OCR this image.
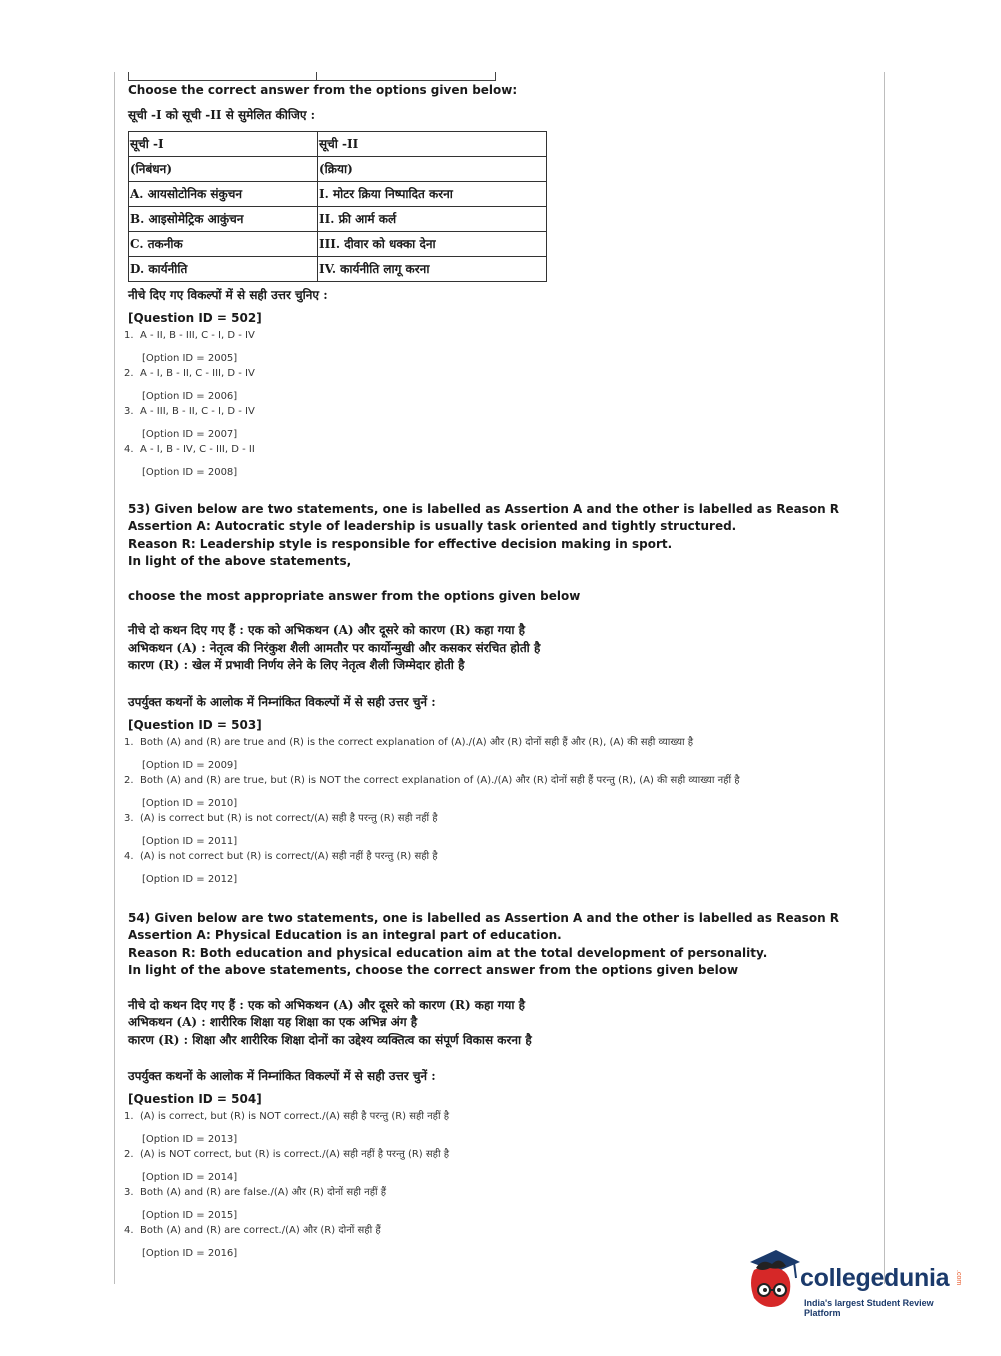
Choose the correct answer from the options given below:

सूची -I को सूची -II से सुमेलित कीजिए :

सूची -I	सूची -II
(निबंधन)	(क्रिया)
A. आयसोटोनिक संकुचन	I. मोटर क्रिया निष्पादित करना
B. आइसोमेट्रिक आकुंचन	II. फ्री आर्म कर्ल
C. तकनीक	III. दीवार को धक्का देना
D. कार्यनीति	IV. कार्यनीति लागू करना

नीचे दिए गए विकल्पों में से सही उत्तर चुनिए :

[Question ID = 502]
1. A - II, B - III, C - I, D - IV
[Option ID = 2005]
2. A - I, B - II, C - III, D - IV
[Option ID = 2006]
3. A - III, B - II, C - I, D - IV
[Option ID = 2007]
4. A - I, B - IV, C - III, D - II
[Option ID = 2008]

53) Given below are two statements, one is labelled as Assertion A and the other is labelled as Reason R

Assertion A: Autocratic style of leadership is usually task oriented and tightly structured.

Reason R: Leadership style is responsible for effective decision making in sport.

In light of the above statements,

choose the most appropriate answer from the options given below

नीचे दो कथन दिए गए हैं : एक को अभिकथन (A) और दूसरे को कारण (R) कहा गया है

अभिकथन (A) : नेतृत्व की निरंकुश शैली आमतौर पर कार्योन्मुखी और कसकर संरचित होती है

कारण (R) : खेल में प्रभावी निर्णय लेने के लिए नेतृत्व शैली जिम्मेदार होती है

उपर्युक्त कथनों के आलोक में निम्नांकित विकल्पों में से सही उत्तर चुनें :

[Question ID = 503]
1. Both (A) and (R) are true and (R) is the correct explanation of (A)./(A) और (R) दोनों सही हैं और (R), (A) की सही व्याख्या है
[Option ID = 2009]
2. Both (A) and (R) are true, but (R) is NOT the correct explanation of (A)./(A) और (R) दोनों सही हैं परन्तु (R), (A) की सही व्याख्या नहीं है
[Option ID = 2010]
3. (A) is correct but (R) is not correct/(A) सही है परन्तु (R) सही नहीं है
[Option ID = 2011]
4. (A) is not correct but (R) is correct/(A) सही नहीं है परन्तु (R) सही है
[Option ID = 2012]

54) Given below are two statements, one is labelled as Assertion A and the other is labelled as Reason R

Assertion A: Physical Education is an integral part of education.

Reason R: Both education and physical education aim at the total development of personality.

In light of the above statements, choose the correct answer from the options given below

नीचे दो कथन दिए गए हैं : एक को अभिकथन (A) और दूसरे को कारण (R) कहा गया है

अभिकथन (A) : शारीरिक शिक्षा यह शिक्षा का एक अभिन्न अंग है

कारण (R) : शिक्षा और शारीरिक शिक्षा दोनों का उद्देश्य व्यक्तित्व का संपूर्ण विकास करना है

उपर्युक्त कथनों के आलोक में निम्नांकित विकल्पों में से सही उत्तर चुनें :

[Question ID = 504]
1. (A) is correct, but (R) is NOT correct./(A) सही है परन्तु (R) सही नहीं है
[Option ID = 2013]
2. (A) is NOT correct, but (R) is correct./(A) सही नहीं है परन्तु (R) सही है
[Option ID = 2014]
3. Both (A) and (R) are false./(A) और (R) दोनों सही नहीं हैं
[Option ID = 2015]
4. Both (A) and (R) are correct./(A) और (R) दोनों सही हैं
[Option ID = 2016]
collegedunia .com
India's largest Student Review Platform
